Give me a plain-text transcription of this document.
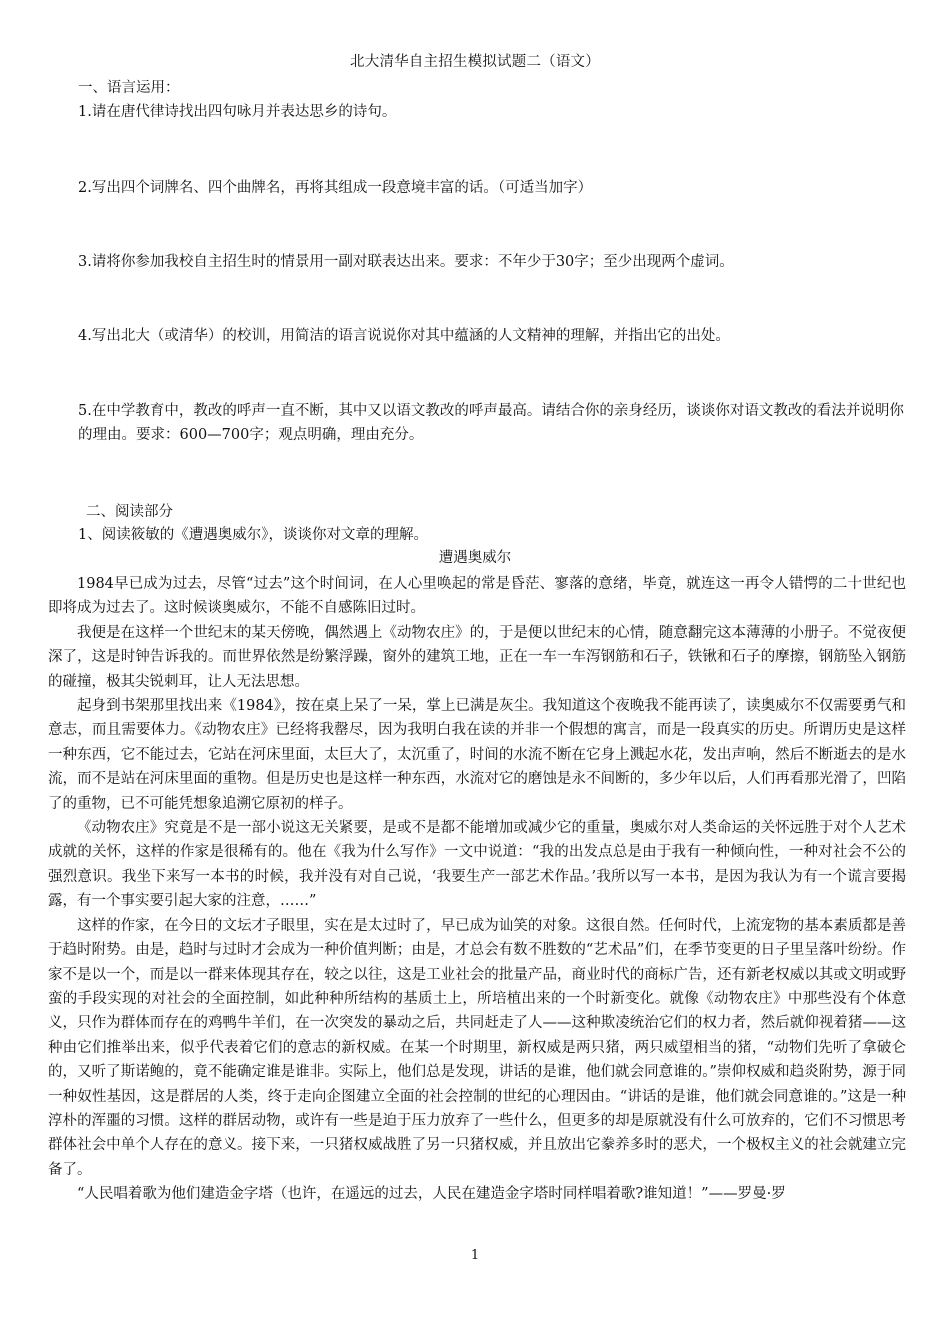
北大清华自主招生模拟试题二（语文）
一、语言运用：
1.请在唐代律诗找出四句咏月并表达思乡的诗句。
2.写出四个词牌名、四个曲牌名，再将其组成一段意境丰富的话。（可适当加字）
3.请将你参加我校自主招生时的情景用一副对联表达出来。要求：不年少于30字；至少出现两个虚词。
4.写出北大（或清华）的校训，用简洁的语言说说你对其中蕴涵的人文精神的理解，并指出它的出处。
5.在中学教育中，教改的呼声一直不断，其中又以语文教改的呼声最高。请结合你的亲身经历，谈谈你对语文教改的看法并说明你的理由。要求：600—700字；观点明确，理由充分。
二、阅读部分
1、阅读筱敏的《遭遇奥威尔》，谈谈你对文章的理解。
遭遇奥威尔

1984早已成为过去，尽管“过去”这个时间词，在人心里唤起的常是昏茫、寥落的意绪，毕竟，就连这一再令人错愕的二十世纪也即将成为过去了。这时候谈奥威尔，不能不自感陈旧过时。

我便是在这样一个世纪末的某天傍晚，偶然遇上《动物农庄》的，于是便以世纪末的心情，随意翻完这本薄薄的小册子。不觉夜便深了，这是时钟告诉我的。而世界依然是纷繁浮躁，窗外的建筑工地，正在一车一车泻钢筋和石子，铁锹和石子的摩擦，钢筋坠入钢筋的碰撞，极其尖锐刺耳，让人无法思想。

起身到书架那里找出来《1984》，按在桌上呆了一呆，掌上已满是灰尘。我知道这个夜晚我不能再读了，读奥威尔不仅需要勇气和意志，而且需要体力。《动物农庄》已经将我罄尽，因为我明白我在读的并非一个假想的寓言，而是一段真实的历史。所谓历史是这样一种东西，它不能过去，它站在河床里面，太巨大了，太沉重了，时间的水流不断在它身上溅起水花，发出声响，然后不断逝去的是水流，而不是站在河床里面的重物。但是历史也是这样一种东西，水流对它的磨蚀是永不间断的，多少年以后，人们再看那光滑了，凹陷了的重物，已不可能凭想象追溯它原初的样子。

《动物农庄》究竟是不是一部小说这无关紧要，是或不是都不能增加或减少它的重量，奥威尔对人类命运的关怀远胜于对个人艺术成就的关怀，这样的作家是很稀有的。他在《我为什么写作》一文中说道：“我的出发点总是由于我有一种倾向性，一种对社会不公的强烈意识。我坐下来写一本书的时候，我并没有对自己说，‘我要生产一部艺术作品。’我所以写一本书，是因为我认为有一个谎言要揭露，有一个事实要引起大家的注意，……”

这样的作家，在今日的文坛才子眼里，实在是太过时了，早已成为讪笑的对象。这很自然。任何时代，上流宠物的基本素质都是善于趋时附势。由是，趋时与过时才会成为一种价值判断；由是，才总会有数不胜数的“艺术品”们，在季节变更的日子里呈落叶纷纷。作家不是以一个，而是以一群来体现其存在，较之以往，这是工业社会的批量产品，商业时代的商标广告，还有新老权威以其或文明或野蛮的手段实现的对社会的全面控制，如此种种所结构的基质土上，所培植出来的一个时新变化。就像《动物农庄》中那些没有个体意义，只作为群体而存在的鸡鸭牛羊们，在一次突发的暴动之后，共同赶走了人——这种欺凌统治它们的权力者，然后就仰视着猪——这种由它们推举出来，似乎代表着它们的意志的新权威。在某一个时期里，新权威是两只猪，两只威望相当的猪，“动物们先听了拿破仑的，又听了斯诺鲍的，竟不能确定谁是谁非。实际上，他们总是发现，讲话的是谁，他们就会同意谁的。”崇仰权威和趋炎附势，源于同一种奴性基因，这是群居的人类，终于走向企图建立全面的社会控制的世纪的心理因由。“讲话的是谁，他们就会同意谁的。”这是一种淳朴的浑噩的习惯。这样的群居动物，或许有一些是迫于压力放弃了一些什么，但更多的却是原就没有什么可放弃的，它们不习惯思考群体社会中单个人存在的意义。接下来，一只猪权威战胜了另一只猪权威，并且放出它豢养多时的恶犬，一个极权主义的社会就建立完备了。

“人民唱着歌为他们建造金字塔（也许，在遥远的过去，人民在建造金字塔时同样唱着歌?谁知道！”——罗曼·罗

1
